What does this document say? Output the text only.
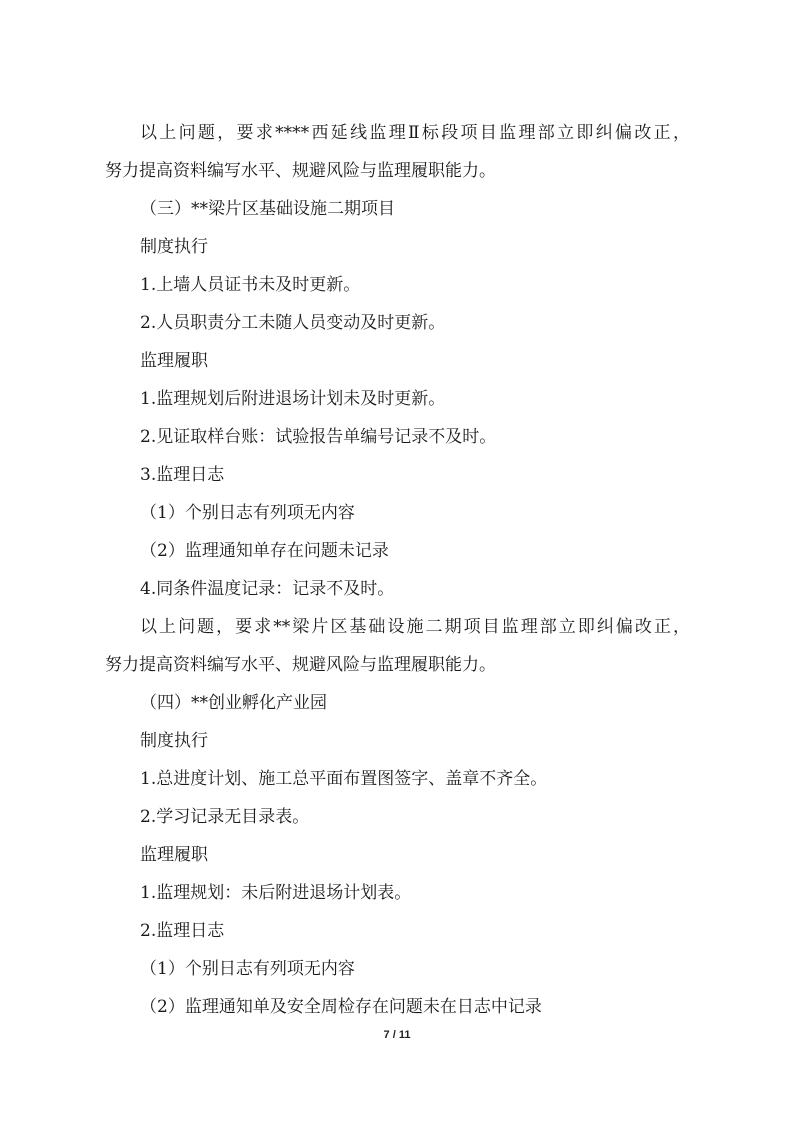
以上问题，要求****西延线监理Ⅱ标段项目监理部立即纠偏改正，
努力提高资料编写水平、规避风险与监理履职能力。
（三）**梁片区基础设施二期项目
制度执行
1.上墙人员证书未及时更新。
2.人员职责分工未随人员变动及时更新。
监理履职
1.监理规划后附进退场计划未及时更新。
2.见证取样台账：试验报告单编号记录不及时。
3.监理日志
（1）个别日志有列项无内容
（2）监理通知单存在问题未记录
4.同条件温度记录：记录不及时。
以上问题，要求**梁片区基础设施二期项目监理部立即纠偏改正，
努力提高资料编写水平、规避风险与监理履职能力。
（四）**创业孵化产业园
制度执行
1.总进度计划、施工总平面布置图签字、盖章不齐全。
2.学习记录无目录表。
监理履职
1.监理规划：未后附进退场计划表。
2.监理日志
（1）个别日志有列项无内容
（2）监理通知单及安全周检存在问题未在日志中记录
7 / 11
